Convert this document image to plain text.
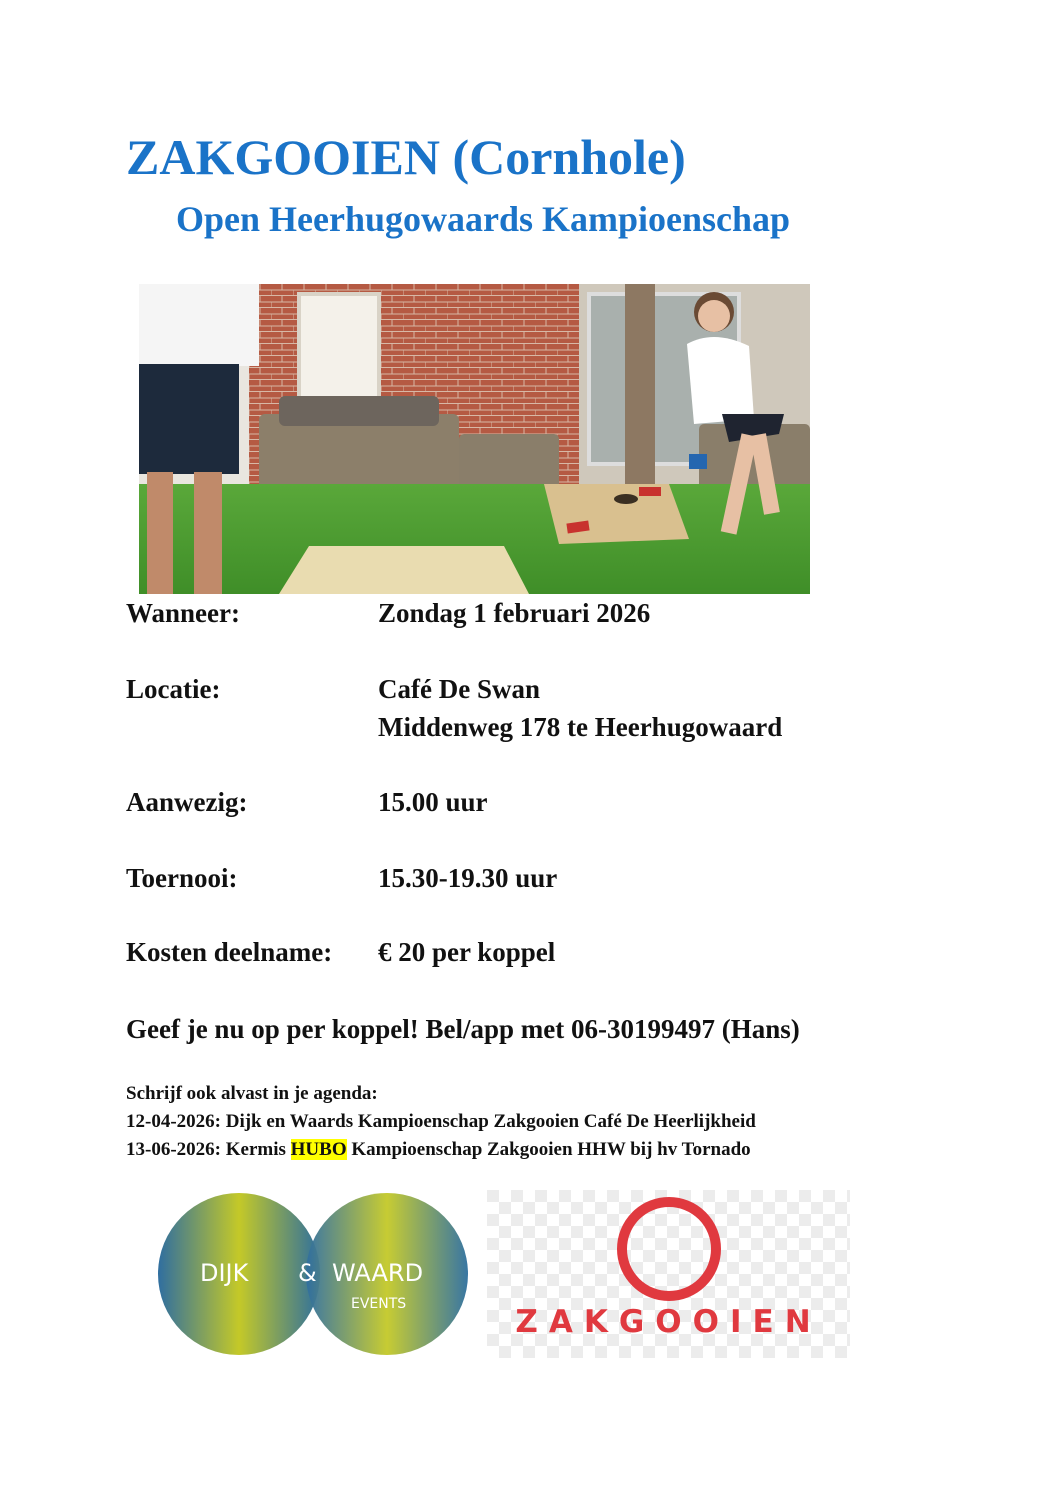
ZAKGOOIEN (Cornhole)
Open Heerhugowaards Kampioenschap
Wanneer:	Zondag 1 februari 2026
Locatie:	Café De Swan
Middenweg 178 te Heerhugowaard
Aanwezig:	15.00 uur
Toernooi:	15.30-19.30 uur
Kosten deelname: € 20 per koppel
Geef je nu op per koppel! Bel/app met 06-30199497 (Hans)
Schrijf ook alvast in je agenda:
12-04-2026: Dijk en Waards Kampioenschap Zakgooien Café De Heerlijkheid
13-06-2026: Kermis HUBO Kampioenschap Zakgooien HHW bij hv Tornado
DIJK & WAARD
EVENTS	ZAKGOOIEN
